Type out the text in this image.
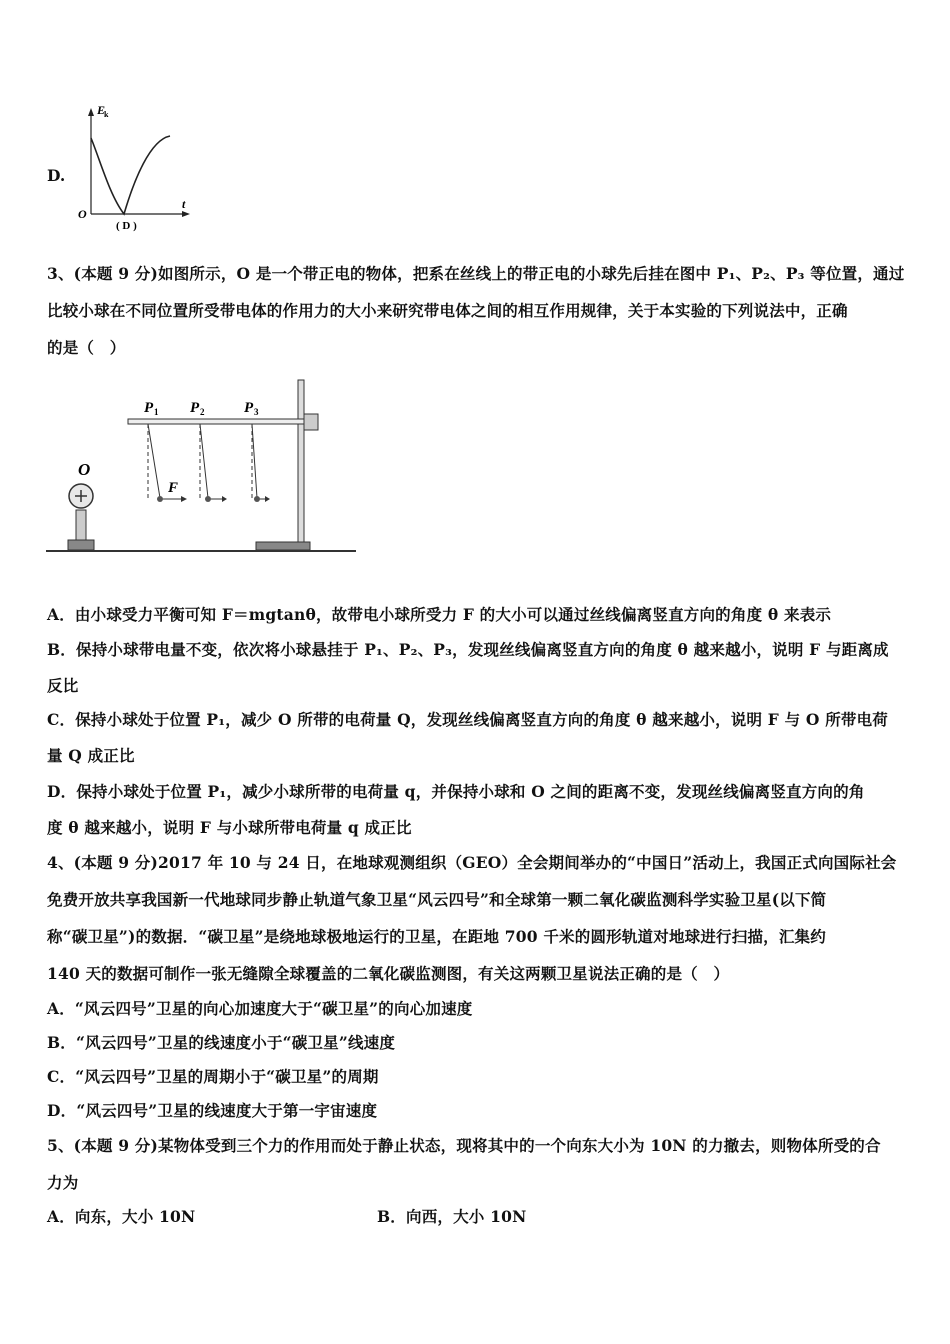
D.
E
k
O
t
( D )
3、(本题 9 分)如图所示，O 是一个带正电的物体，把系在丝线上的带正电的小球先后挂在图中 P₁、P₂、P₃ 等位置，通过
比较小球在不同位置所受带电体的作用力的大小来研究带电体之间的相互作用规律，关于本实验的下列说法中，正确
的是（　）
O
P 1 P 2	P 3
F
A．由小球受力平衡可知 F＝mgtanθ，故带电小球所受力 F 的大小可以通过丝线偏离竖直方向的角度 θ 来表示
B．保持小球带电量不变，依次将小球悬挂于 P₁、P₂、P₃，发现丝线偏离竖直方向的角度 θ 越来越小，说明 F 与距离成
反比
C．保持小球处于位置 P₁，减少 O 所带的电荷量 Q，发现丝线偏离竖直方向的角度 θ 越来越小，说明 F 与 O 所带电荷
量 Q 成正比
D．保持小球处于位置 P₁，减少小球所带的电荷量 q，并保持小球和 O 之间的距离不变，发现丝线偏离竖直方向的角
度 θ 越来越小，说明 F 与小球所带电荷量 q 成正比
4、(本题 9 分)2017 年 10 与 24 日，在地球观测组织（GEO）全会期间举办的“中国日”活动上，我国正式向国际社会
免费开放共享我国新一代地球同步静止轨道气象卫星“风云四号”和全球第一颗二氧化碳监测科学实验卫星(以下简
称“碳卫星”)的数据．“碳卫星”是绕地球极地运行的卫星，在距地 700 千米的圆形轨道对地球进行扫描，汇集约
140 天的数据可制作一张无缝隙全球覆盖的二氧化碳监测图，有关这两颗卫星说法正确的是（　）
A．“风云四号”卫星的向心加速度大于“碳卫星”的向心加速度
B．“风云四号”卫星的线速度小于“碳卫星”线速度
C．“风云四号”卫星的周期小于“碳卫星”的周期
D．“风云四号”卫星的线速度大于第一宇宙速度
5、(本题 9 分)某物体受到三个力的作用而处于静止状态，现将其中的一个向东大小为 10N 的力撤去，则物体所受的合
力为
A．向东，大小 10N	B．向西，大小 10N
